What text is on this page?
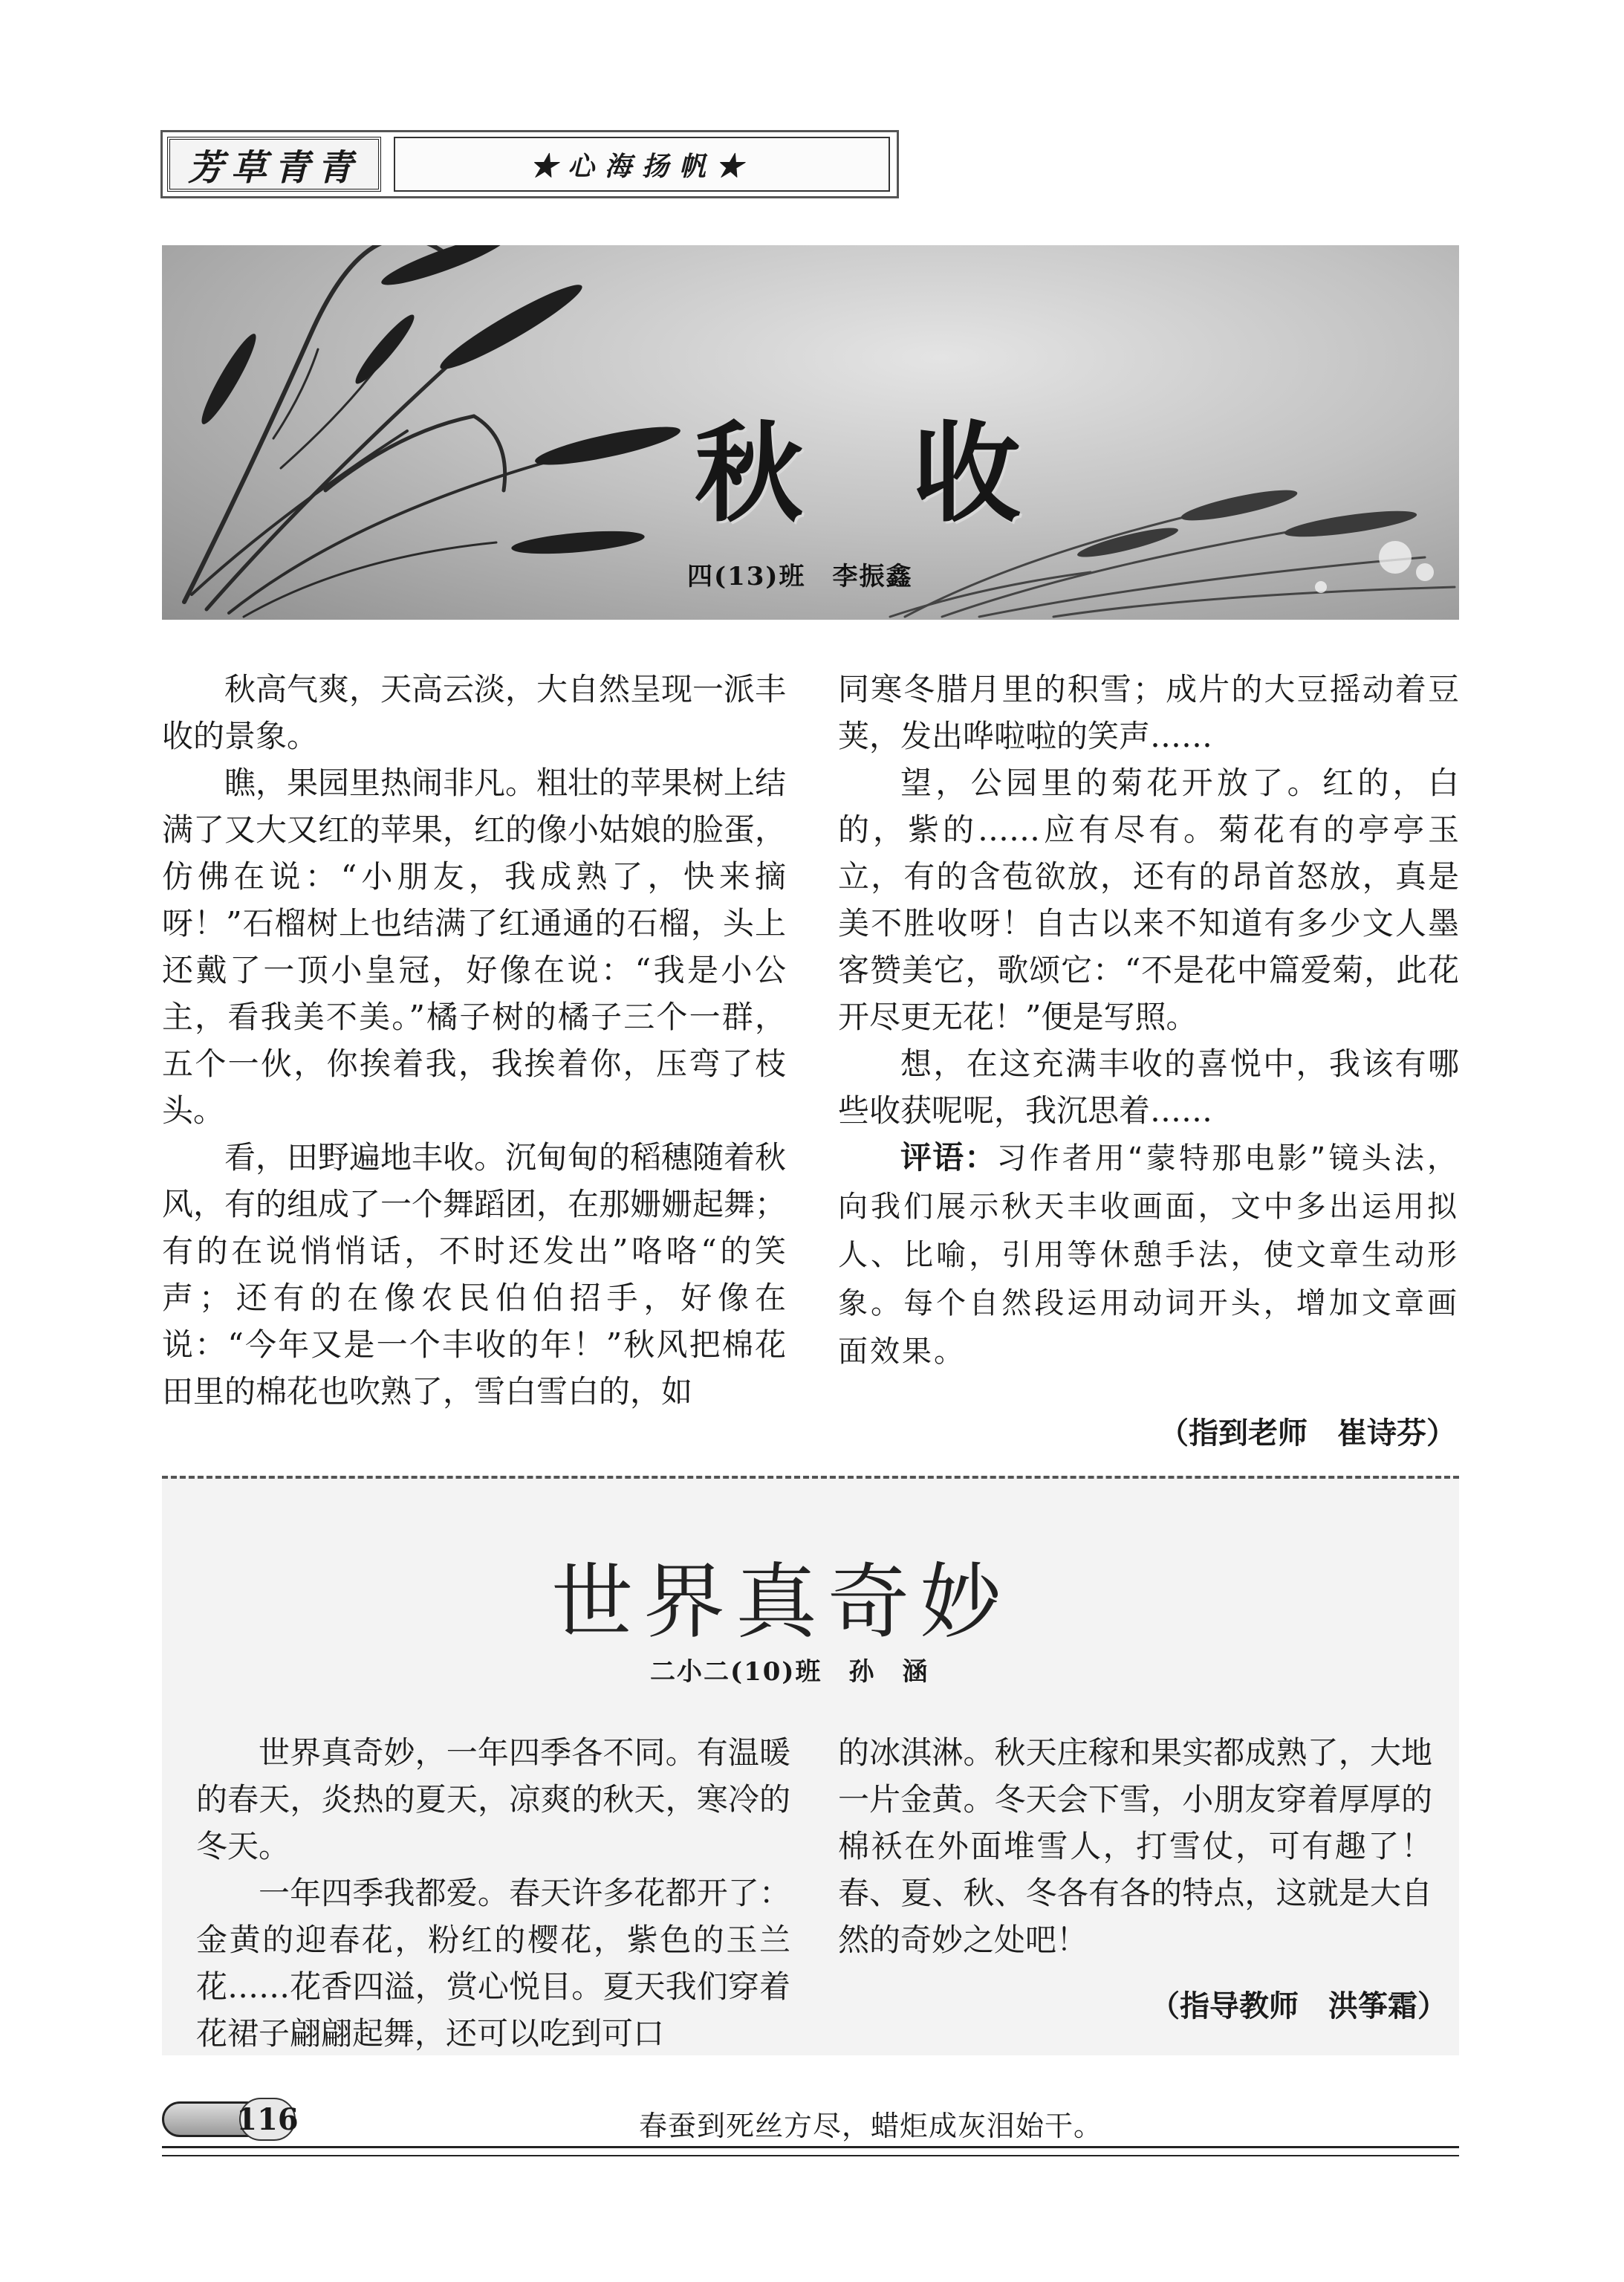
芳草青青	★心海扬帆★
秋 收
四(13)班　李振鑫

秋高气爽，天高云淡，大自然呈现一派丰收的景象。

瞧，果园里热闹非凡。粗壮的苹果树上结满了又大又红的苹果，红的像小姑娘的脸蛋，仿佛在说：“小朋友，我成熟了，快来摘呀！”石榴树上也结满了红通通的石榴，头上还戴了一顶小皇冠，好像在说：“我是小公主，看我美不美。”橘子树的橘子三个一群，五个一伙，你挨着我，我挨着你，压弯了枝头。

看，田野遍地丰收。沉甸甸的稻穗随着秋风，有的组成了一个舞蹈团，在那姗姗起舞；有的在说悄悄话，不时还发出”咯咯“的笑声；还有的在像农民伯伯招手，好像在说：“今年又是一个丰收的年！”秋风把棉花田里的棉花也吹熟了，雪白雪白的，如

同寒冬腊月里的积雪；成片的大豆摇动着豆荚，发出哗啦啦的笑声……

望，公园里的菊花开放了。红的，白的，紫的……应有尽有。菊花有的亭亭玉立，有的含苞欲放，还有的昂首怒放，真是美不胜收呀！自古以来不知道有多少文人墨客赞美它，歌颂它：“不是花中篇爱菊，此花开尽更无花！”便是写照。

想，在这充满丰收的喜悦中，我该有哪些收获呢呢，我沉思着……

评语：习作者用“蒙特那电影”镜头法，向我们展示秋天丰收画面，文中多出运用拟人、比喻，引用等休憩手法，使文章生动形象。每个自然段运用动词开头，增加文章画面效果。

（指到老师　崔诗芬）
世界真奇妙
二小二(10)班　孙　涵

世界真奇妙，一年四季各不同。有温暖的春天，炎热的夏天，凉爽的秋天，寒冷的冬天。

一年四季我都爱。春天许多花都开了：金黄的迎春花，粉红的樱花，紫色的玉兰花……花香四溢，赏心悦目。夏天我们穿着花裙子翩翩起舞，还可以吃到可口

的冰淇淋。秋天庄稼和果实都成熟了，大地一片金黄。冬天会下雪，小朋友穿着厚厚的棉袄在外面堆雪人，打雪仗，可有趣了！春、夏、秋、冬各有各的特点，这就是大自然的奇妙之处吧！

（指导教师　洪筝霜）
116	春蚕到死丝方尽，蜡炬成灰泪始干。
